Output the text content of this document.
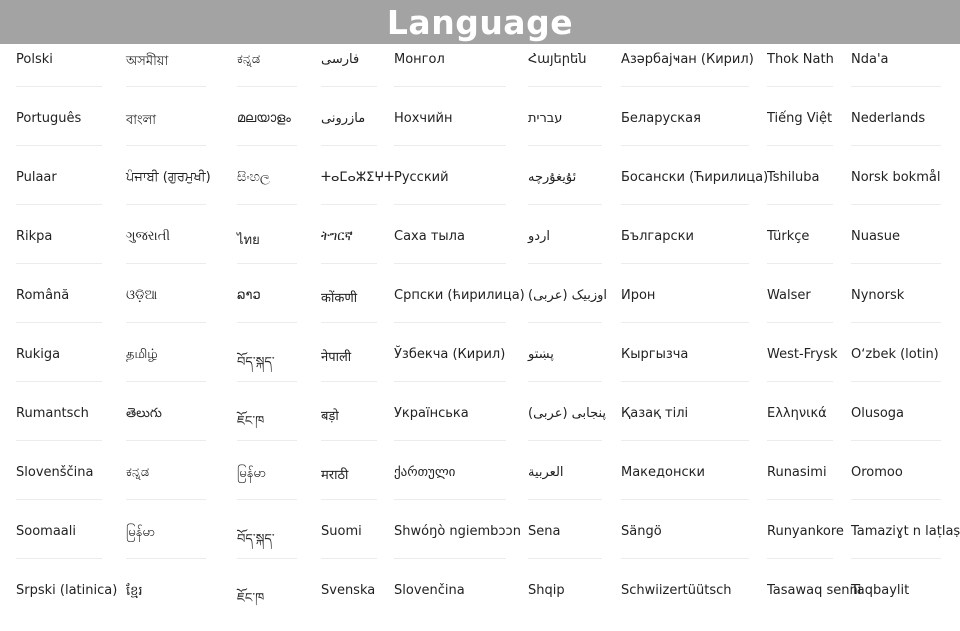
Language
Polski
Português
Pulaar
Rikpa
Română
Rukiga
Rumantsch
Slovenščina
Soomaali
Srpski (latinica)
অসমীয়া
বাংলা
ਪੰਜਾਬੀ (ਗੁਰਮੁਖੀ)
ગુજરાતી
ଓଡ଼ିଆ
தமிழ்
తెలుగు
ಕನ್ನಡ
မြန်မာ
ខ្មែរ
ಕನ್ನಡ
മലയാളം
සිංහල
ไทย
ລາວ
བོད་སྐད་
ཇོང་ཁ
မြန်မာ
བོད་སྐད་
ཇོང་ཁ
فارسی
مازرونی
ⵜⴰⵎⴰⵣⵉⵖⵜ
ትግርኛ
कोंकणी
नेपाली
बड़ो
मराठी
Suomi
Svenska
Монгол
Нохчийн
Русский
Саха тыла
Српски (ћирилица)
Ўзбекча (Кирил)
Українська
ქართული
Shwóŋò ngiembɔɔn
Slovenčina
Հայերեն
עברית
ئۇيغۇرچە
اردو
اوزبیک (عربی)
پښتو
پنجابی (عربی)
العربية
Sena
Shqip
Азәрбајҹан (Кирил)
Беларуская
Босански (Ћирилица)
Български
Ирон
Кыргызча
Қазақ тілі
Македонски
Sängö
Schwiizertüütsch
Thok Nath
Tiếng Việt
Tshiluba
Türkçe
Walser
West-Frysk
Ελληνικά
Runasimi
Runyankore
Tasawaq senni
Ndaꞌa
Nederlands
Norsk bokmål
Nuasue
Nynorsk
Oʻzbek (lotin)
Olusoga
Oromoo
Tamaziɣt n laṭlaṣ
Taqbaylit
